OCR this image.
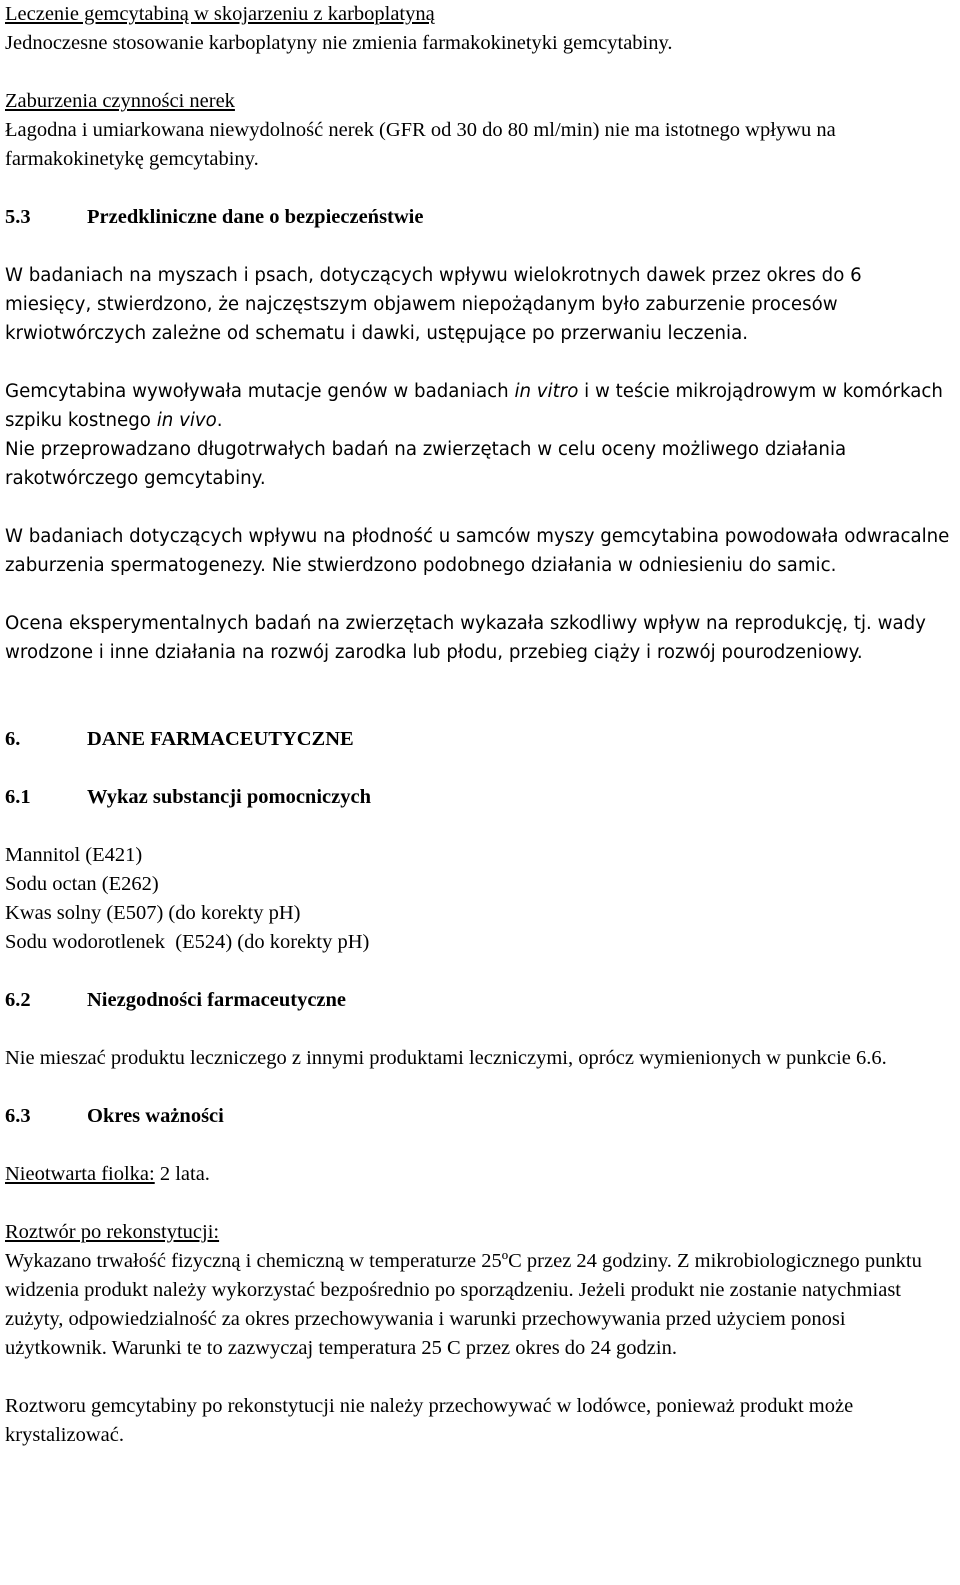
Leczenie gemcytabiną w skojarzeniu z karboplatyną

Jednoczesne stosowanie karboplatyny nie zmienia farmakokinetyki gemcytabiny.

Zaburzenia czynności nerek

Łagodna i umiarkowana niewydolność nerek (GFR od 30 do 80 ml/min) nie ma istotnego wpływu na farmakokinetykę gemcytabiny.

5.3	Przedkliniczne dane o bezpieczeństwie

W badaniach na myszach i psach, dotyczących wpływu wielokrotnych dawek przez okres do 6 miesięcy, stwierdzono, że najczęstszym objawem niepożądanym było zaburzenie procesów krwiotwórczych zależne od schematu i dawki, ustępujące po przerwaniu leczenia.

Gemcytabina wywoływała mutacje genów w badaniach in vitro i w teście mikrojądrowym w komórkach szpiku kostnego in vivo.

Nie przeprowadzano długotrwałych badań na zwierzętach w celu oceny możliwego działania rakotwórczego gemcytabiny.

W badaniach dotyczących wpływu na płodność u samców myszy gemcytabina powodowała odwracalne zaburzenia spermatogenezy. Nie stwierdzono podobnego działania w odniesieniu do samic.

Ocena eksperymentalnych badań na zwierzętach wykazała szkodliwy wpływ na reprodukcję, tj. wady wrodzone i inne działania na rozwój zarodka lub płodu, przebieg ciąży i rozwój pourodzeniowy.

6.	DANE FARMACEUTYCZNE
6.1	Wykaz substancji pomocniczych

Mannitol (E421)

Sodu octan (E262)

Kwas solny (E507) (do korekty pH)

Sodu wodorotlenek  (E524) (do korekty pH)

6.2	Niezgodności farmaceutyczne

Nie mieszać produktu leczniczego z innymi produktami leczniczymi, oprócz wymienionych w punkcie 6.6.

6.3	Okres ważności

Nieotwarta fiolka: 2 lata.

Roztwór po rekonstytucji:

Wykazano trwałość fizyczną i chemiczną w temperaturze 25ºC przez 24 godziny. Z mikrobiologicznego punktu widzenia produkt należy wykorzystać bezpośrednio po sporządzeniu. Jeżeli produkt nie zostanie natychmiast zużyty, odpowiedzialność za okres przechowywania i warunki przechowywania przed użyciem ponosi użytkownik. Warunki te to zazwyczaj temperatura 25 C przez okres do 24 godzin.

Roztworu gemcytabiny po rekonstytucji nie należy przechowywać w lodówce, ponieważ produkt może krystalizować.
